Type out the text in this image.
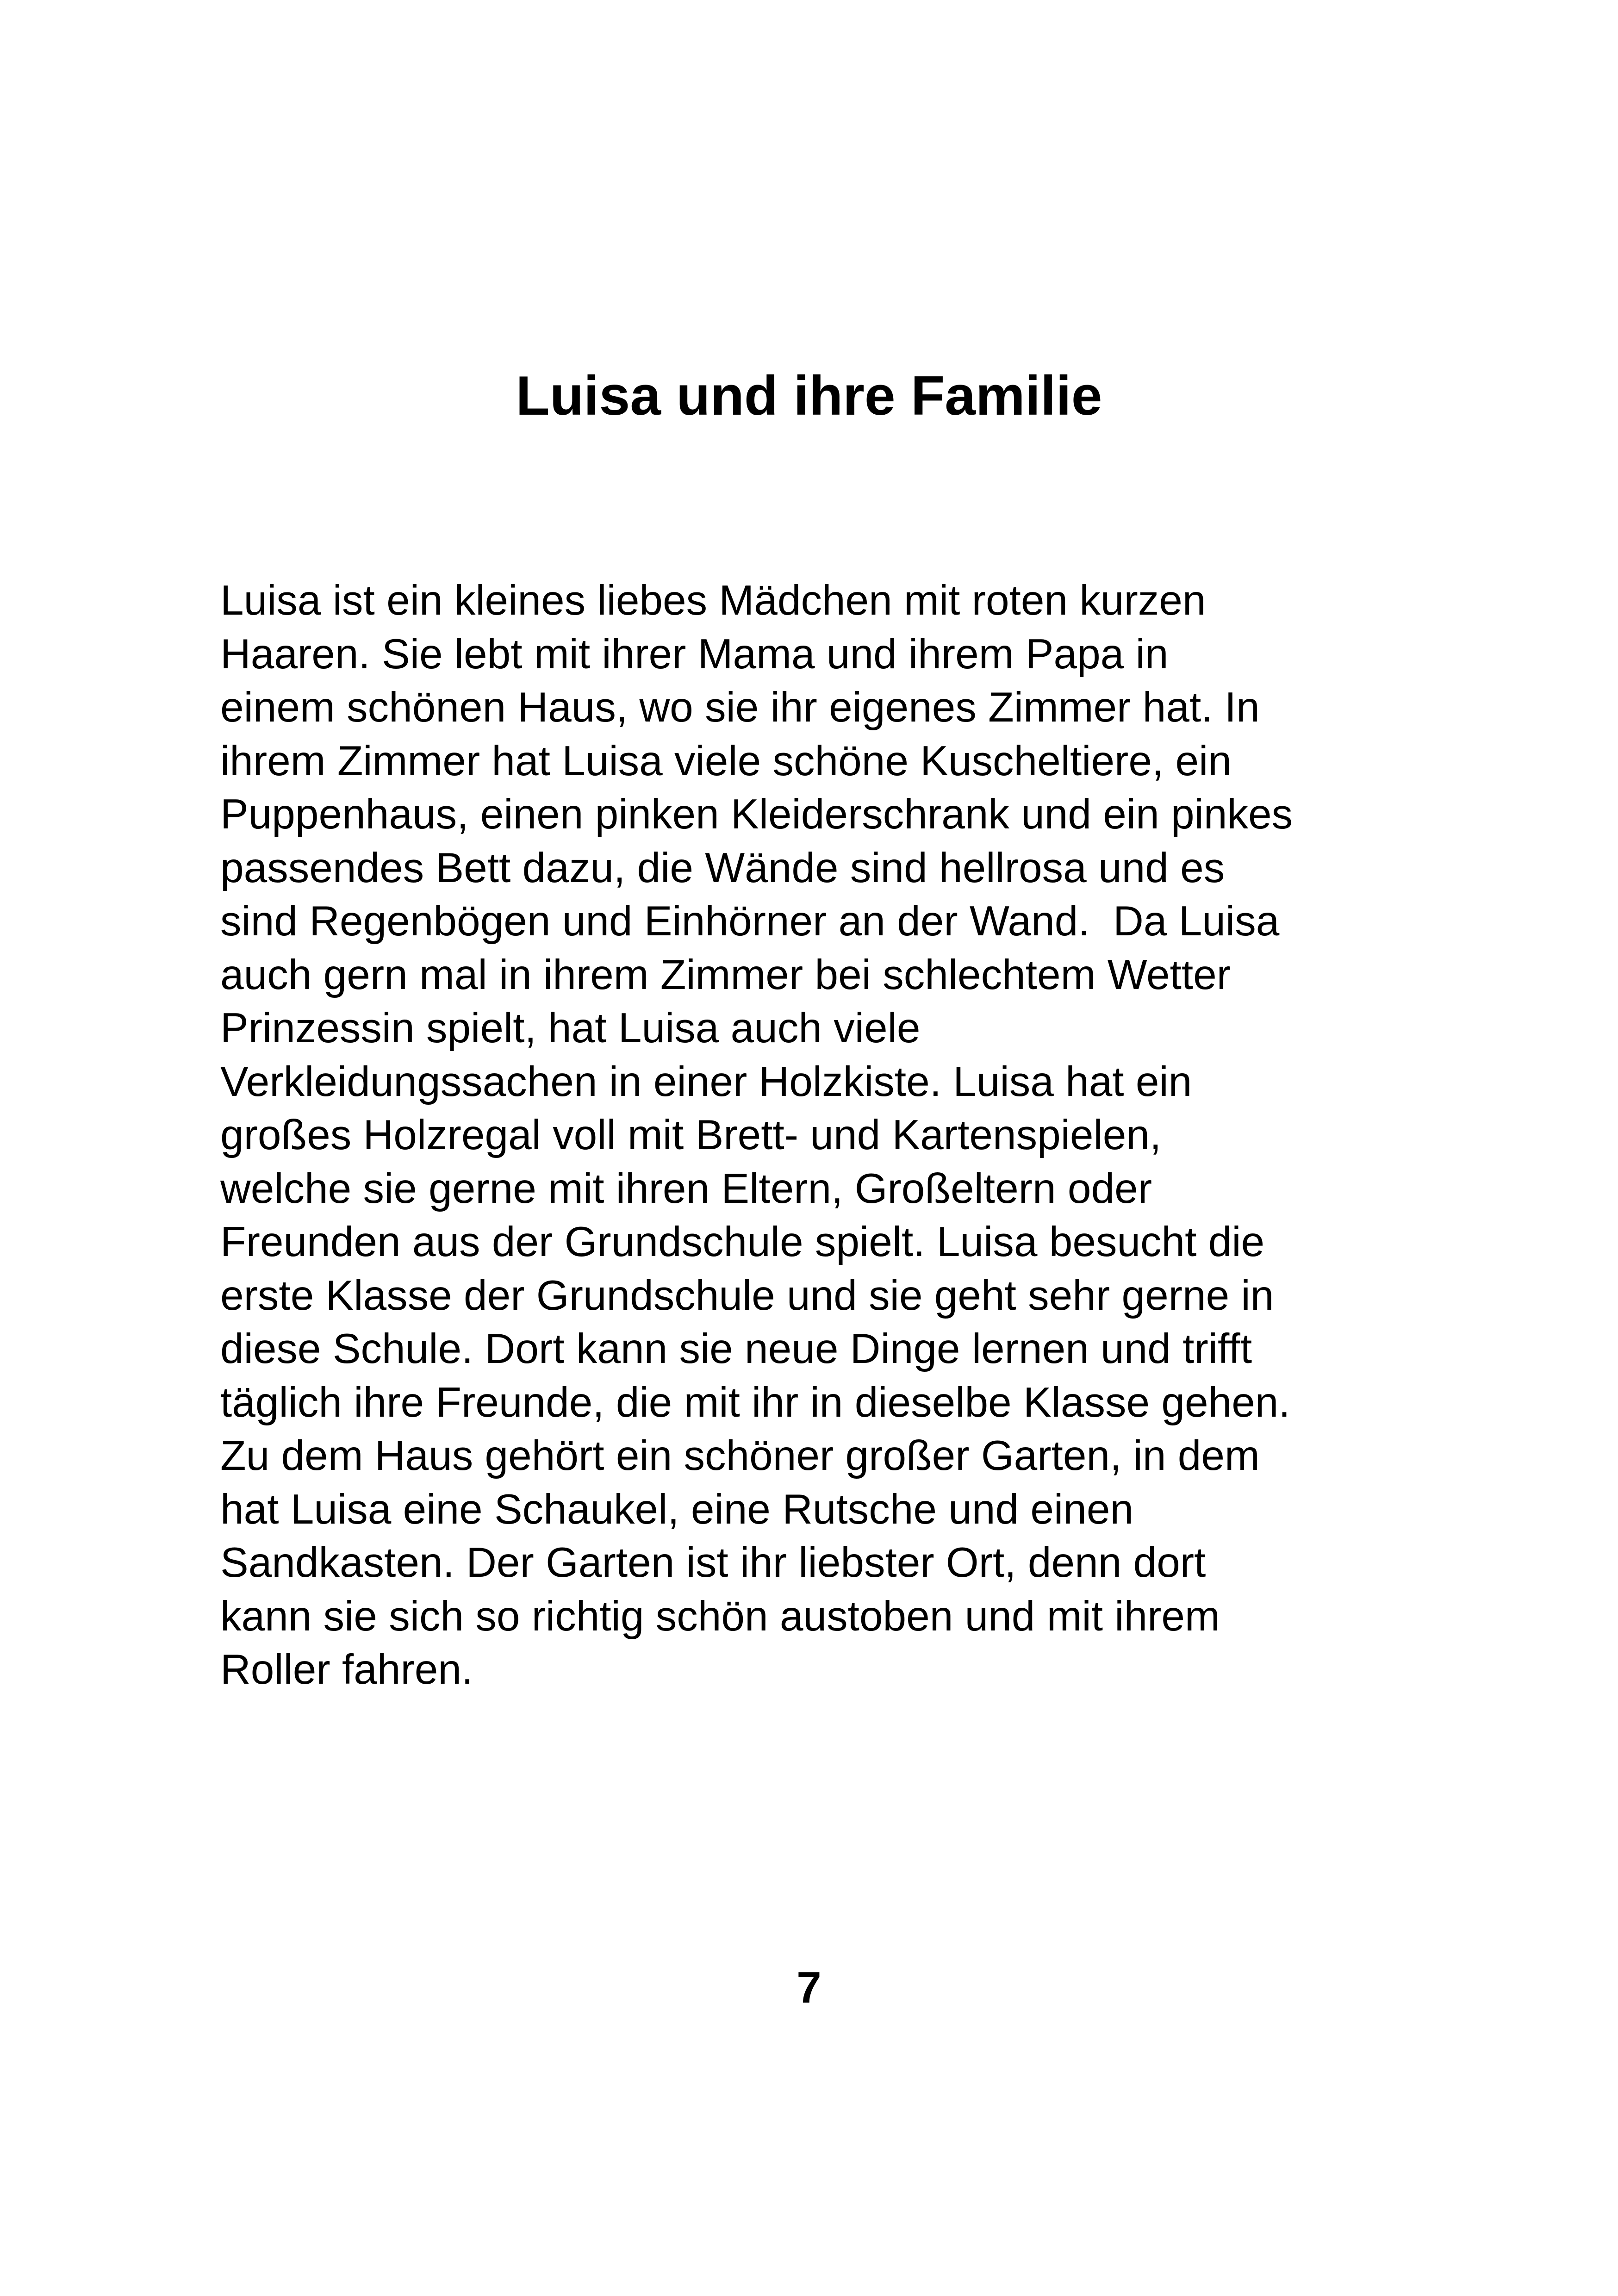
Luisa und ihre Familie
Luisa ist ein kleines liebes Mädchen mit roten kurzen
Haaren. Sie lebt mit ihrer Mama und ihrem Papa in
einem schönen Haus, wo sie ihr eigenes Zimmer hat. In
ihrem Zimmer hat Luisa viele schöne Kuscheltiere, ein
Puppenhaus, einen pinken Kleiderschrank und ein pinkes
passendes Bett dazu, die Wände sind hellrosa und es
sind Regenbögen und Einhörner an der Wand.  Da Luisa
auch gern mal in ihrem Zimmer bei schlechtem Wetter
Prinzessin spielt, hat Luisa auch viele
Verkleidungssachen in einer Holzkiste. Luisa hat ein
großes Holzregal voll mit Brett- und Kartenspielen,
welche sie gerne mit ihren Eltern, Großeltern oder
Freunden aus der Grundschule spielt. Luisa besucht die
erste Klasse der Grundschule und sie geht sehr gerne in
diese Schule. Dort kann sie neue Dinge lernen und trifft
täglich ihre Freunde, die mit ihr in dieselbe Klasse gehen.
Zu dem Haus gehört ein schöner großer Garten, in dem
hat Luisa eine Schaukel, eine Rutsche und einen
Sandkasten. Der Garten ist ihr liebster Ort, denn dort
kann sie sich so richtig schön austoben und mit ihrem
Roller fahren.
7
